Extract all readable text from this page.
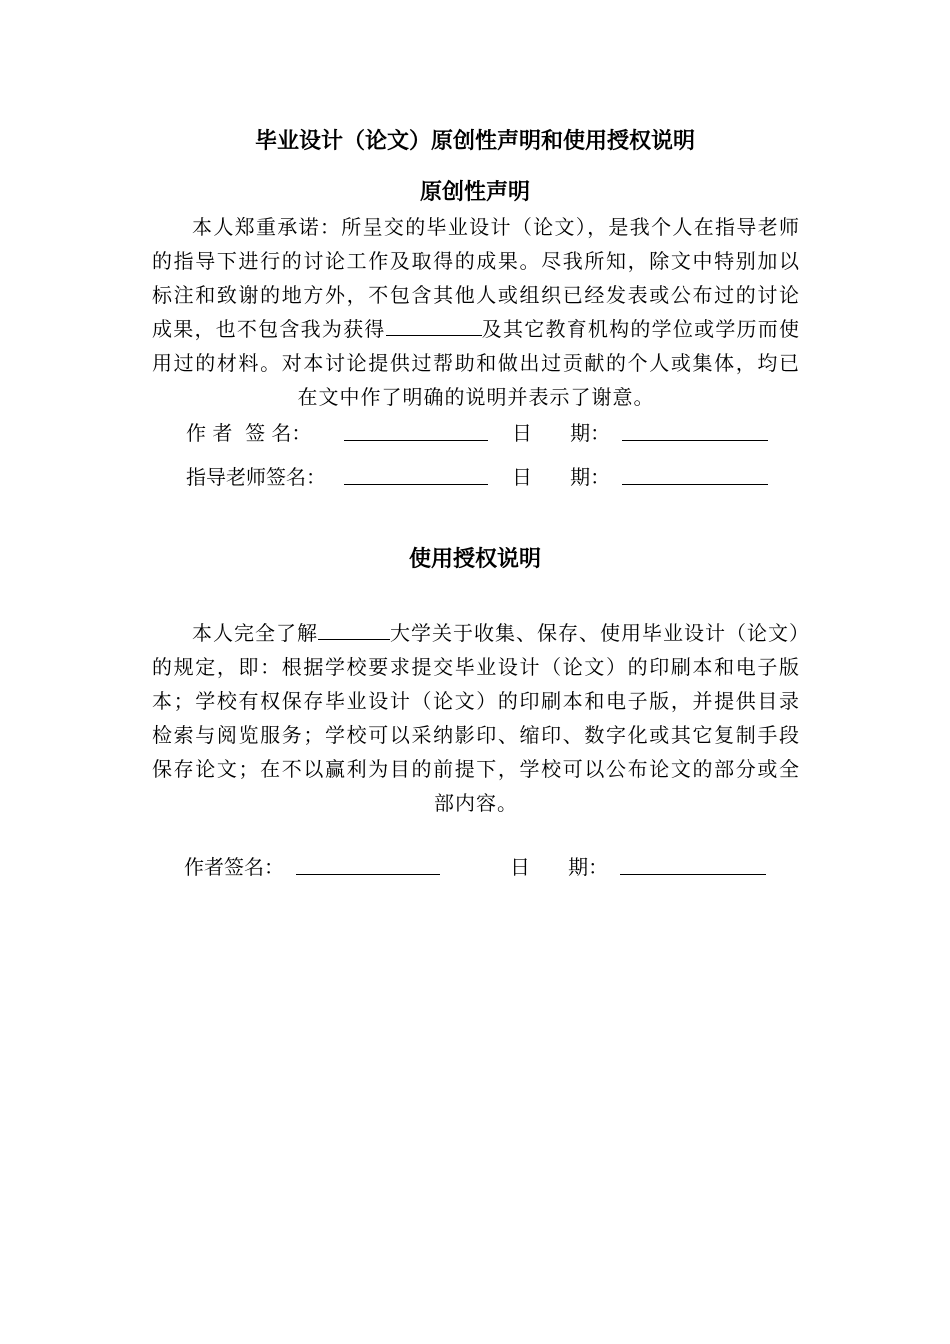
毕业设计（论文）原创性声明和使用授权说明
原创性声明

本人郑重承诺：所呈交的毕业设计（论文），是我个人在指导老师的指导下进行的讨论工作及取得的成果。尽我所知，除文中特别加以标注和致谢的地方外，不包含其他人或组织已经发表或公布过的讨论成果，也不包含我为获得	及其它教育机构的学位或学历而使用过的材料。对本讨论提供过帮助和做出过贡献的个人或集体，均已在文中作了明确的说明并表示了谢意。

作 者  签 名：	日      期：
指导老师签名：	日      期：
使用授权说明

本人完全了解	大学关于收集、保存、使用毕业设计（论文）的规定，即：根据学校要求提交毕业设计（论文）的印刷本和电子版本；学校有权保存毕业设计（论文）的印刷本和电子版，并提供目录检索与阅览服务；学校可以采纳影印、缩印、数字化或其它复制手段保存论文；在不以赢利为目的前提下，学校可以公布论文的部分或全部内容。

作者签名：	日      期：
